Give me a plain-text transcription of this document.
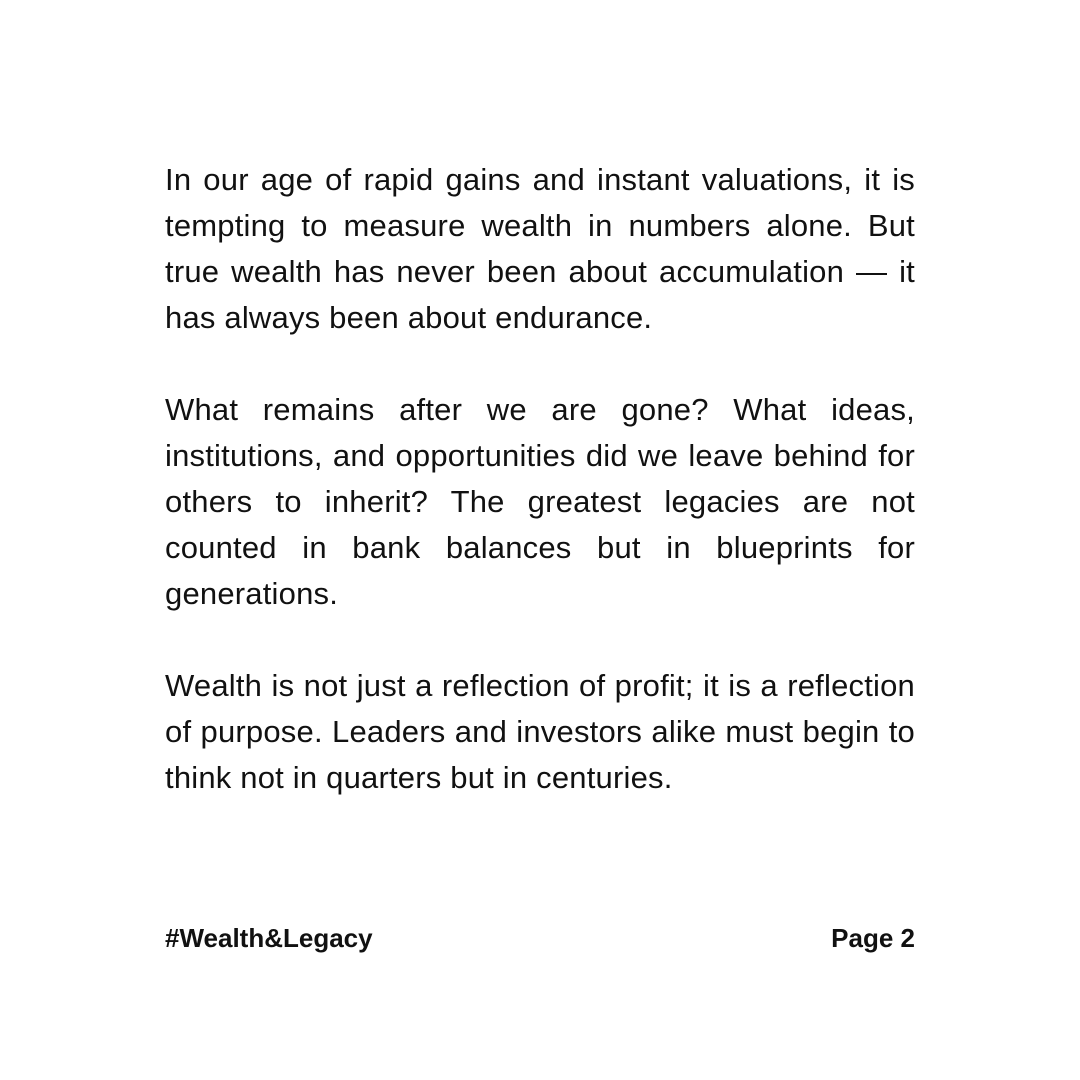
In our age of rapid gains and instant valuations, it is tempting to measure wealth in numbers alone. But true wealth has never been about accumulation — it has always been about endurance.

What remains after we are gone? What ideas, institutions, and opportunities did we leave behind for others to inherit? The greatest legacies are not counted in bank balances but in blueprints for generations.

Wealth is not just a reflection of profit; it is a reflection of purpose. Leaders and investors alike must begin to think not in quarters but in centuries.

#Wealth&Legacy	Page 2
